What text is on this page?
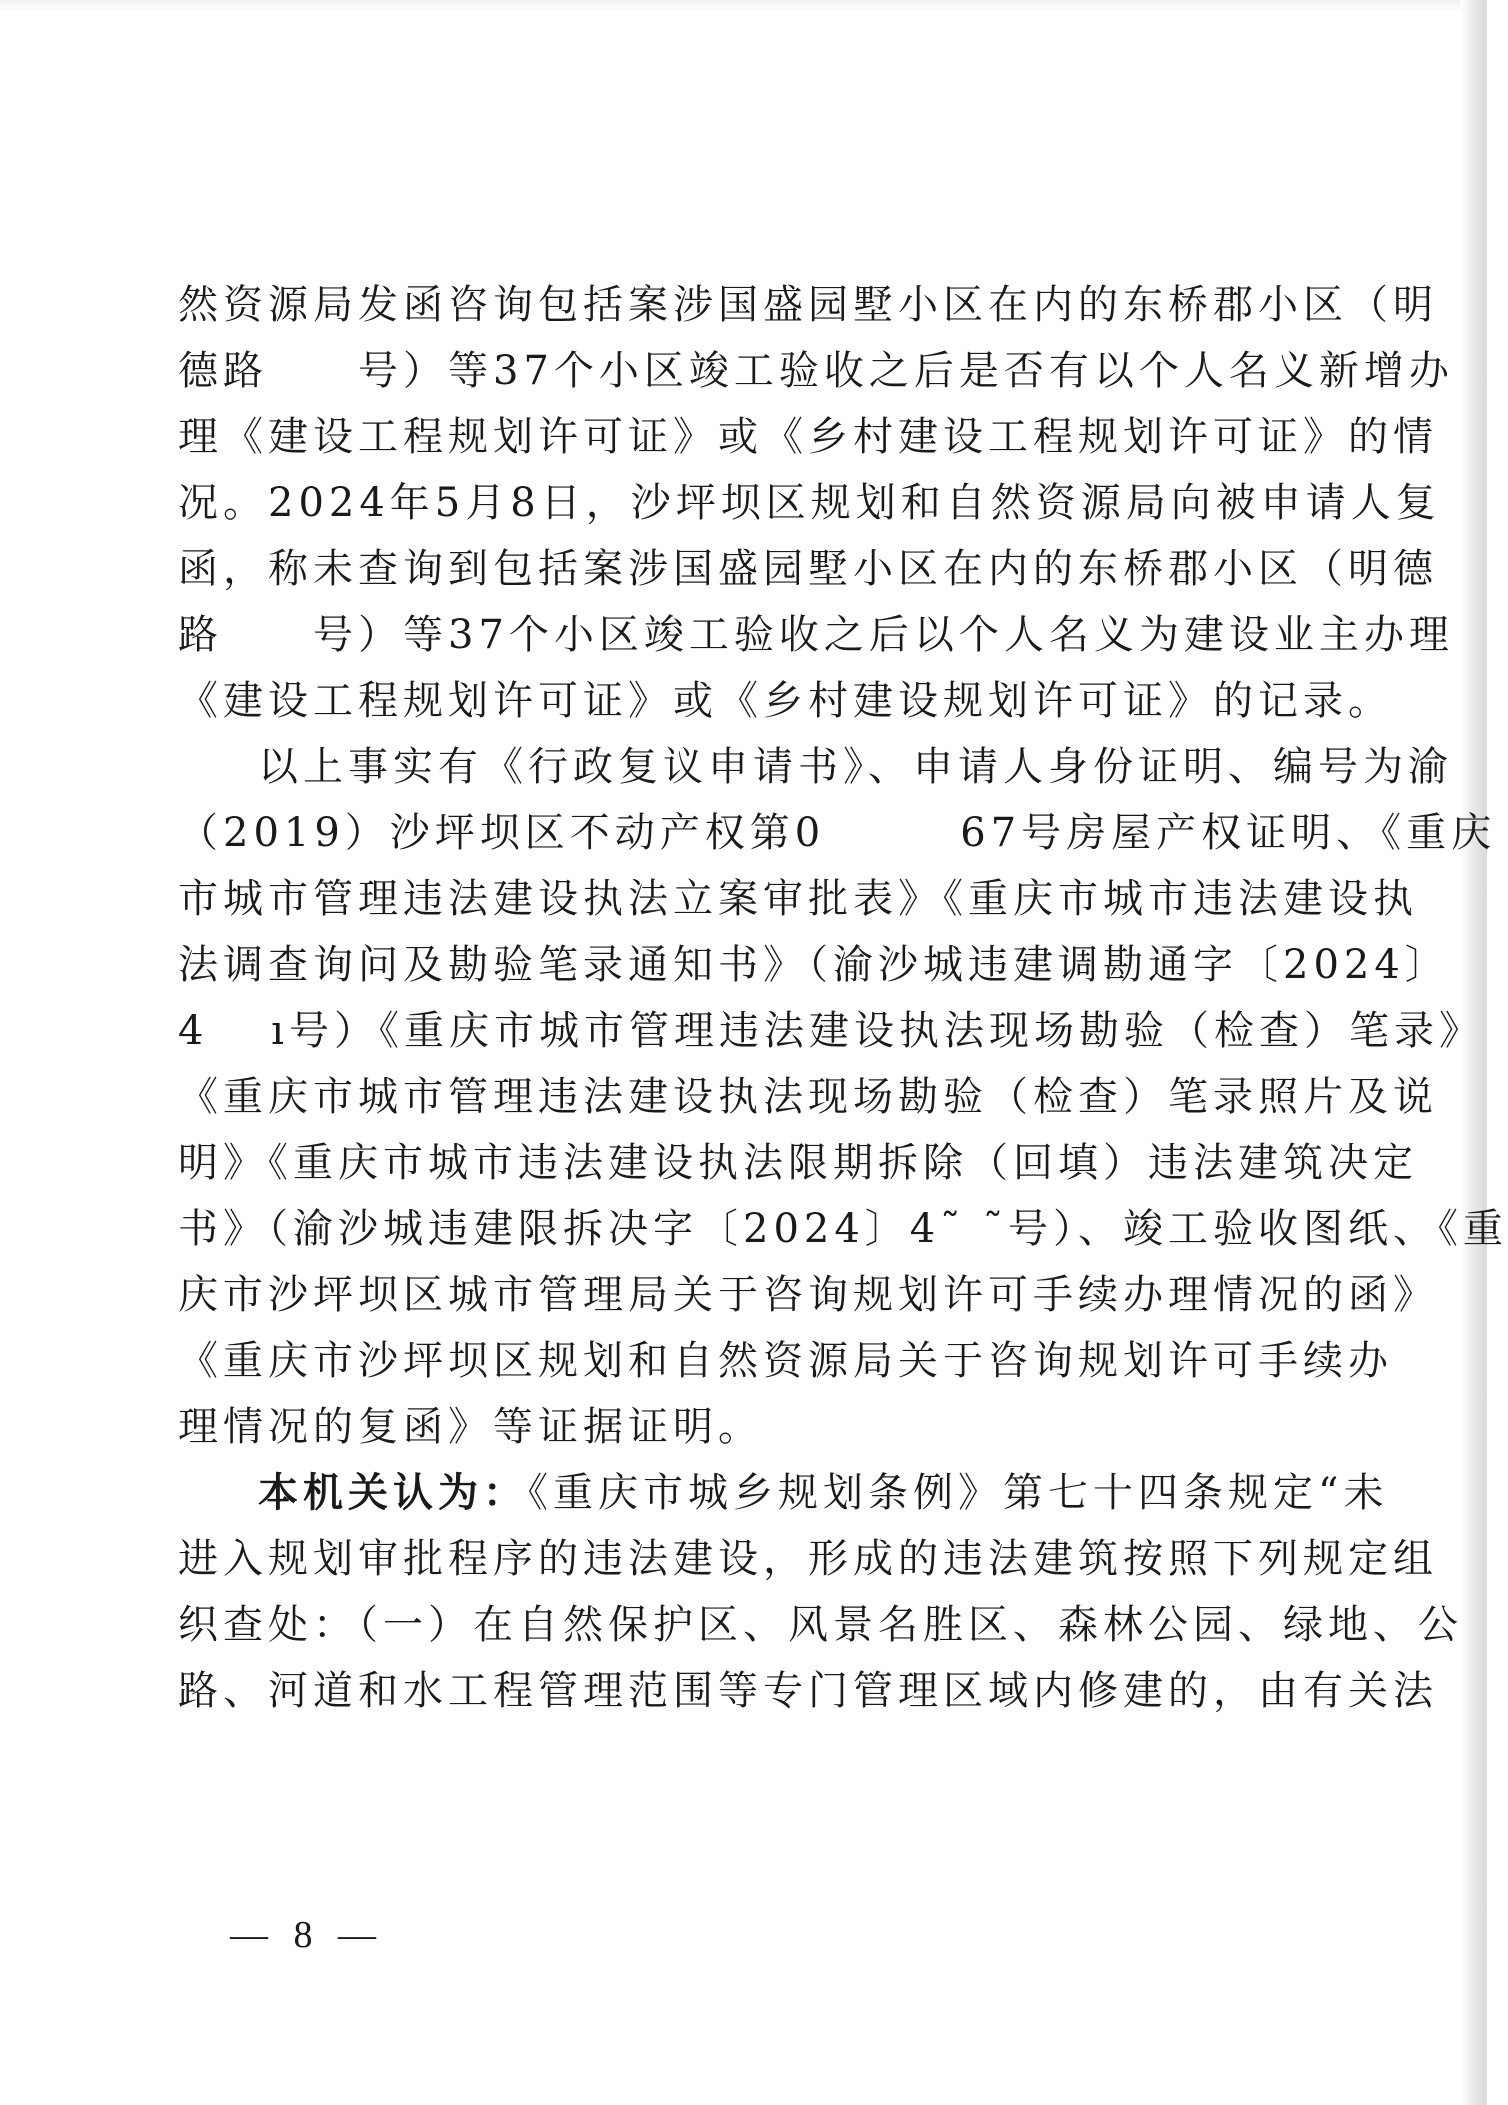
然资源局发函咨询包括案涉国盛园墅小区在内的东桥郡小区（明
德路　　号）等37个小区竣工验收之后是否有以个人名义新增办
理《建设工程规划许可证》或《乡村建设工程规划许可证》的情
况。2024年5月8日，沙坪坝区规划和自然资源局向被申请人复
函，称未查询到包括案涉国盛园墅小区在内的东桥郡小区（明德
路　　号）等37个小区竣工验收之后以个人名义为建设业主办理
《建设工程规划许可证》或《乡村建设规划许可证》的记录。
以上事实有《行政复议申请书》、申请人身份证明、编号为渝
（2019）沙坪坝区不动产权第0　　　67号房屋产权证明、《重庆
市城市管理违法建设执法立案审批表》《重庆市城市违法建设执
法调查询问及勘验笔录通知书》（渝沙城违建调勘通字〔2024〕
4　 ı号）《重庆市城市管理违法建设执法现场勘验（检查）笔录》
《重庆市城市管理违法建设执法现场勘验（检查）笔录照片及说
明》《重庆市城市违法建设执法限期拆除（回填）违法建筑决定
书》（渝沙城违建限拆决字〔2024〕4˜ ˜号）、竣工验收图纸、《重
庆市沙坪坝区城市管理局关于咨询规划许可手续办理情况的函》
《重庆市沙坪坝区规划和自然资源局关于咨询规划许可手续办
理情况的复函》等证据证明。
本机关认为：《重庆市城乡规划条例》第七十四条规定“未
进入规划审批程序的违法建设，形成的违法建筑按照下列规定组
织查处：（一）在自然保护区、风景名胜区、森林公园、绿地、公
路、河道和水工程管理范围等专门管理区域内修建的，由有关法
— 8 —
